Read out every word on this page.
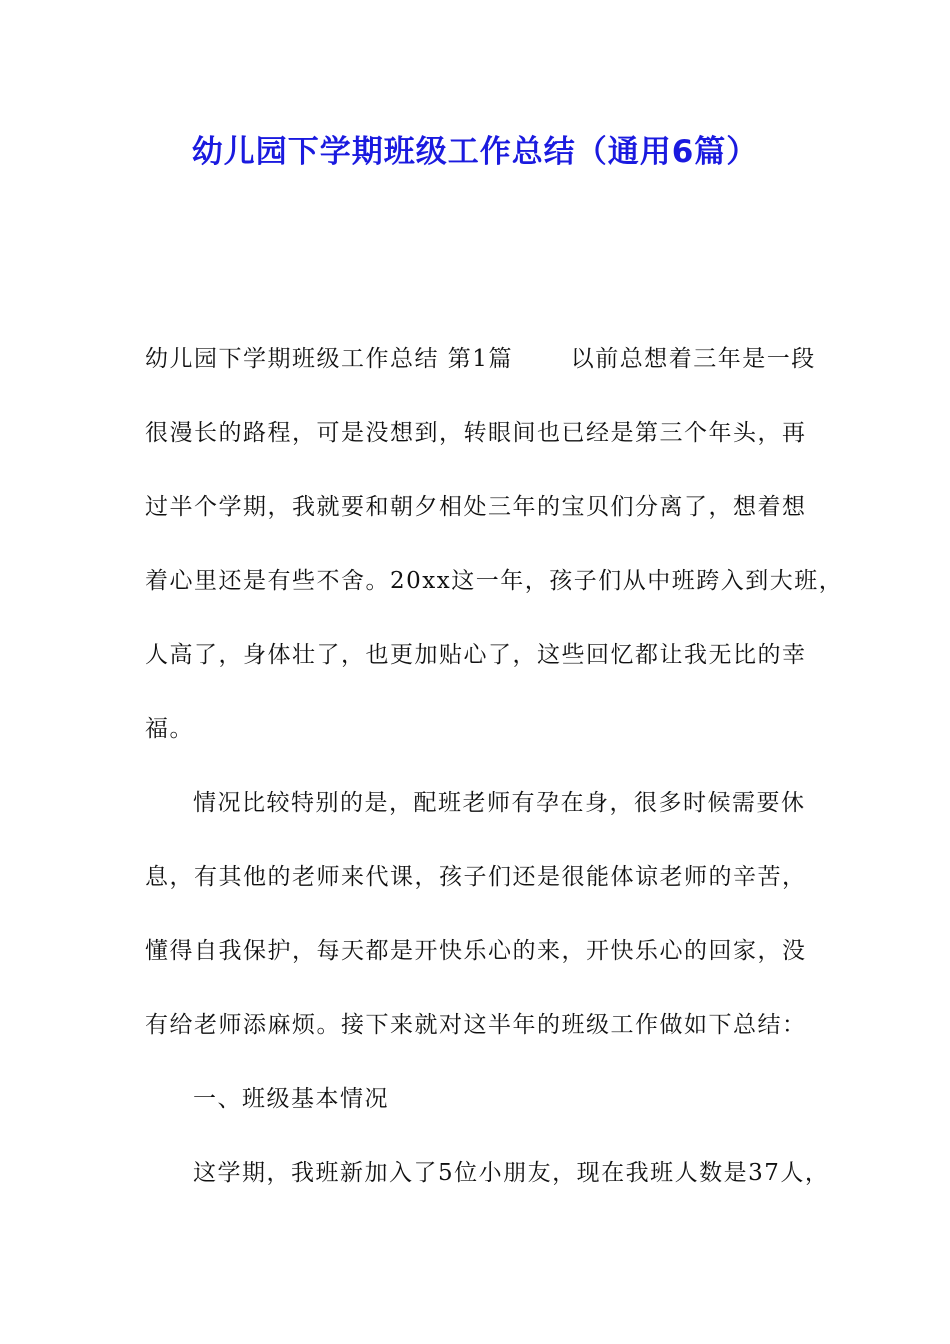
幼儿园下学期班级工作总结（通用6篇）
幼儿园下学期班级工作总结 第1篇 　　以前总想着三年是一段
很漫长的路程，可是没想到，转眼间也已经是第三个年头，再
过半个学期，我就要和朝夕相处三年的宝贝们分离了，想着想
着心里还是有些不舍。20xx这一年，孩子们从中班跨入到大班，
人高了，身体壮了，也更加贴心了，这些回忆都让我无比的幸
福。
情况比较特别的是，配班老师有孕在身，很多时候需要休
息，有其他的老师来代课，孩子们还是很能体谅老师的辛苦，
懂得自我保护，每天都是开快乐心的来，开快乐心的回家，没
有给老师添麻烦。接下来就对这半年的班级工作做如下总结：
一、班级基本情况
这学期，我班新加入了5位小朋友，现在我班人数是37人，
